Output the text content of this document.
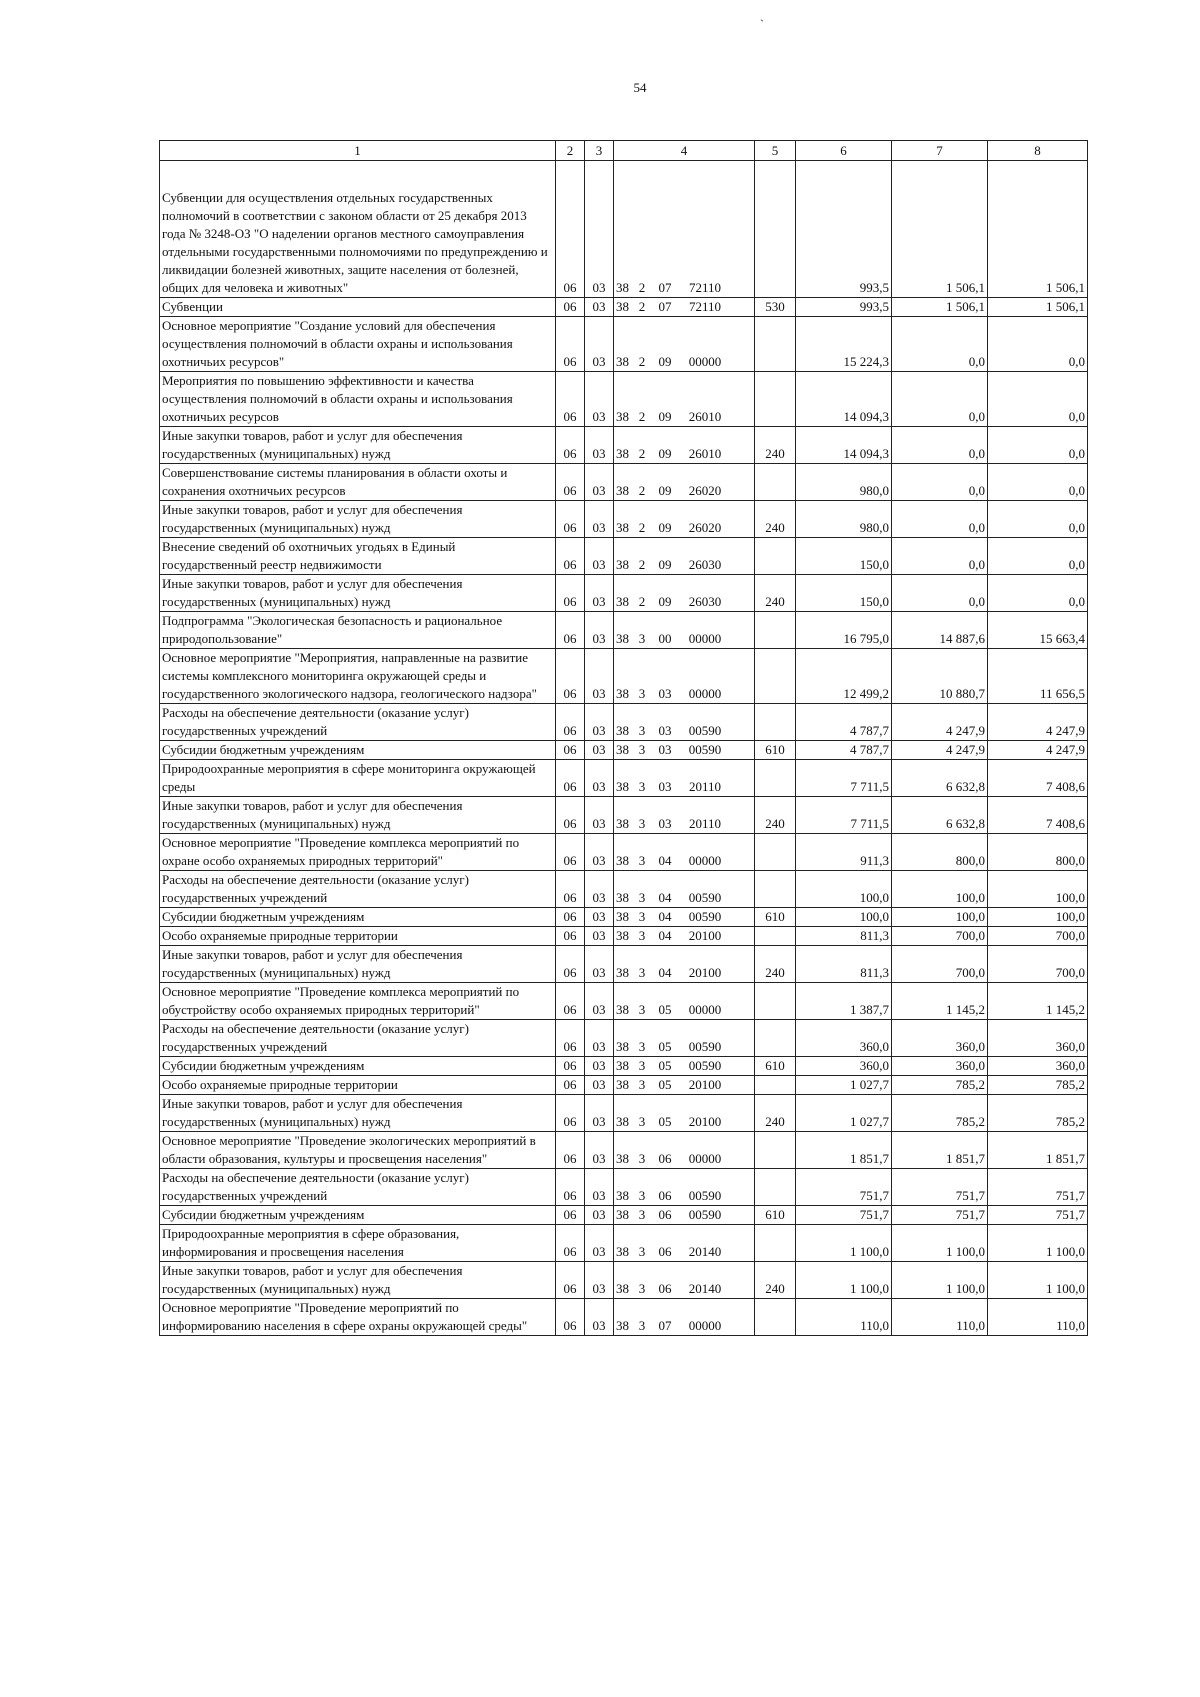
54
1	2	3	4	5	6	7	8
Субвенции для осуществления отдельных государственных полномочий в соответствии с законом области от 25 декабря 2013 года № 3248-ОЗ "О наделении органов местного самоуправления отдельными государственными полномочиями по предупреждению и ликвидации болезней животных, защите населения от болезней, общих для человека и животных"	06	03	38 2 07 72110		993,5	1 506,1	1 506,1
Субвенции	06	03	38 2 07 72110	530	993,5	1 506,1	1 506,1
Основное мероприятие "Создание условий для обеспечения осуществления полномочий в области охраны и использования охотничьих ресурсов"	06	03	38 2 09 00000		15 224,3	0,0	0,0
Мероприятия по повышению эффективности и качества осуществления полномочий в области охраны и использования охотничьих ресурсов	06	03	38 2 09 26010		14 094,3	0,0	0,0
Иные закупки товаров, работ и услуг для обеспечения государственных (муниципальных) нужд	06	03	38 2 09 26010	240	14 094,3	0,0	0,0
Совершенствование системы планирования в области охоты и сохранения охотничьих ресурсов	06	03	38 2 09 26020		980,0	0,0	0,0
Иные закупки товаров, работ и услуг для обеспечения государственных (муниципальных) нужд	06	03	38 2 09 26020	240	980,0	0,0	0,0
Внесение сведений об охотничьих угодьях в Единый государственный реестр недвижимости	06	03	38 2 09 26030		150,0	0,0	0,0
Иные закупки товаров, работ и услуг для обеспечения государственных (муниципальных) нужд	06	03	38 2 09 26030	240	150,0	0,0	0,0
Подпрограмма "Экологическая безопасность и рациональное природопользование"	06	03	38 3 00 00000		16 795,0	14 887,6	15 663,4
Основное мероприятие "Мероприятия, направленные на развитие системы комплексного мониторинга окружающей среды и государственного экологического надзора, геологического надзора"	06	03	38 3 03 00000		12 499,2	10 880,7	11 656,5
Расходы на обеспечение деятельности (оказание услуг) государственных учреждений	06	03	38 3 03 00590		4 787,7	4 247,9	4 247,9
Субсидии бюджетным учреждениям	06	03	38 3 03 00590	610	4 787,7	4 247,9	4 247,9
Природоохранные мероприятия в сфере мониторинга окружающей среды	06	03	38 3 03 20110		7 711,5	6 632,8	7 408,6
Иные закупки товаров, работ и услуг для обеспечения государственных (муниципальных) нужд	06	03	38 3 03 20110	240	7 711,5	6 632,8	7 408,6
Основное мероприятие "Проведение комплекса мероприятий по охране особо охраняемых природных территорий"	06	03	38 3 04 00000		911,3	800,0	800,0
Расходы на обеспечение деятельности (оказание услуг) государственных учреждений	06	03	38 3 04 00590		100,0	100,0	100,0
Субсидии бюджетным учреждениям	06	03	38 3 04 00590	610	100,0	100,0	100,0
Особо охраняемые природные территории	06	03	38 3 04 20100		811,3	700,0	700,0
Иные закупки товаров, работ и услуг для обеспечения государственных (муниципальных) нужд	06	03	38 3 04 20100	240	811,3	700,0	700,0
Основное мероприятие "Проведение комплекса мероприятий по обустройству особо охраняемых природных территорий"	06	03	38 3 05 00000		1 387,7	1 145,2	1 145,2
Расходы на обеспечение деятельности (оказание услуг) государственных учреждений	06	03	38 3 05 00590		360,0	360,0	360,0
Субсидии бюджетным учреждениям	06	03	38 3 05 00590	610	360,0	360,0	360,0
Особо охраняемые природные территории	06	03	38 3 05 20100		1 027,7	785,2	785,2
Иные закупки товаров, работ и услуг для обеспечения государственных (муниципальных) нужд	06	03	38 3 05 20100	240	1 027,7	785,2	785,2
Основное мероприятие "Проведение экологических мероприятий в области образования, культуры и просвещения населения"	06	03	38 3 06 00000		1 851,7	1 851,7	1 851,7
Расходы на обеспечение деятельности (оказание услуг) государственных учреждений	06	03	38 3 06 00590		751,7	751,7	751,7
Субсидии бюджетным учреждениям	06	03	38 3 06 00590	610	751,7	751,7	751,7
Природоохранные мероприятия в сфере образования, информирования и просвещения населения	06	03	38 3 06 20140		1 100,0	1 100,0	1 100,0
Иные закупки товаров, работ и услуг для обеспечения государственных (муниципальных) нужд	06	03	38 3 06 20140	240	1 100,0	1 100,0	1 100,0
Основное мероприятие "Проведение мероприятий по информированию населения в сфере охраны окружающей среды"	06	03	38 3 07 00000		110,0	110,0	110,0
ˏ
